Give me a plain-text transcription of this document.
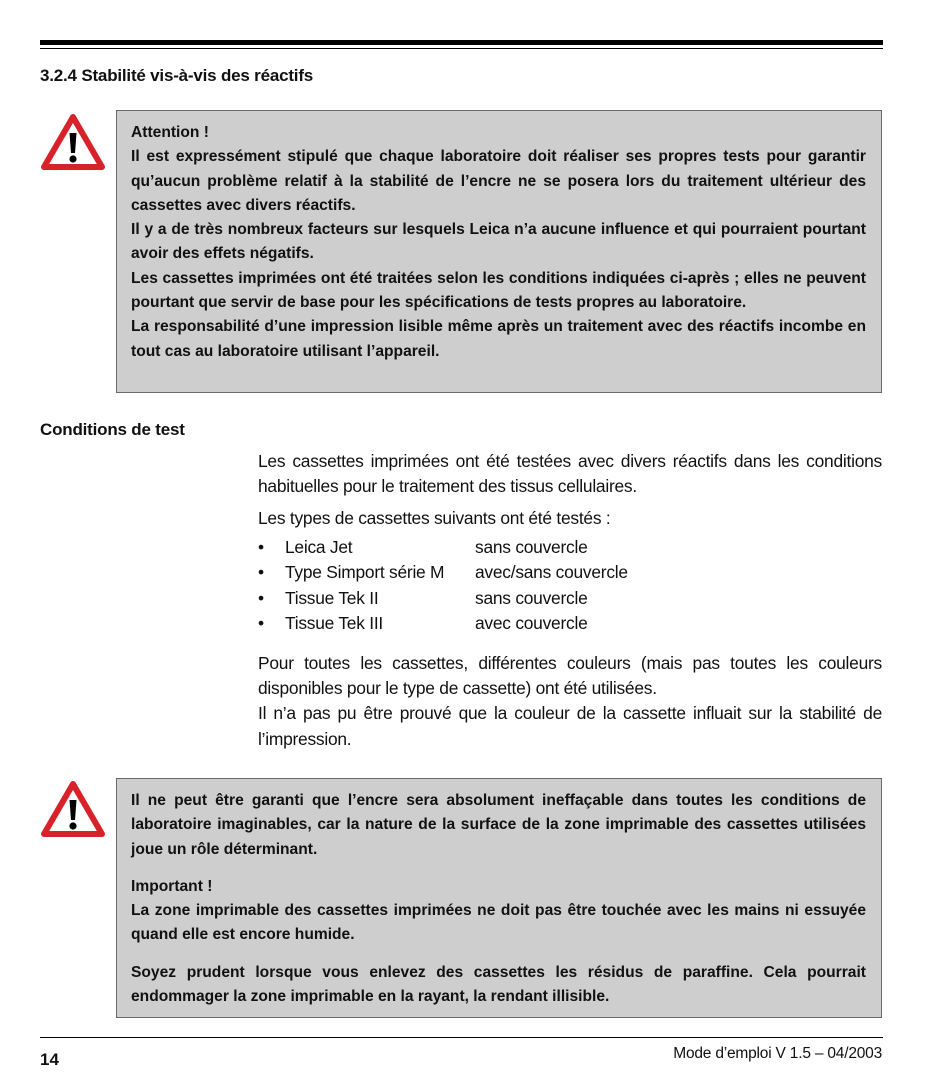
3.2.4 Stabilité vis-à-vis des réactifs

Attention !

Il est expressément stipulé que chaque laboratoire doit réaliser ses propres tests pour garantir qu’aucun problème relatif à la stabilité de l’encre ne se posera lors du traitement ultérieur des cassettes avec divers réactifs.

Il y a de très nombreux facteurs sur lesquels Leica n’a aucune influence et qui pourraient pourtant avoir des effets négatifs.

Les cassettes imprimées ont été traitées selon les conditions indiquées ci-après ; elles ne peuvent pourtant que servir de base pour les spécifications de tests propres au laboratoire.

La responsabilité d’une impression lisible même après un traitement avec des réactifs incombe en tout cas au laboratoire utilisant l’appareil.

Conditions de test

Les cassettes imprimées ont été testées avec divers réactifs dans les conditions habituelles pour le traitement des tissus cellulaires.

Les types de cassettes suivants ont été testés :

• Leica Jet	sans couvercle
• Type Simport série M avec/sans couvercle
• Tissue Tek II	sans couvercle
• Tissue Tek III	avec couvercle

Pour toutes les cassettes, différentes couleurs (mais pas toutes les couleurs disponibles pour le type de cassette) ont été utilisées.

Il n’a pas pu être prouvé que la couleur de la cassette influait sur la stabilité de l’impression.

Il ne peut être garanti que l’encre sera absolument ineffaçable dans toutes les conditions de laboratoire imaginables, car la nature de la surface de la zone imprimable des cassettes utilisées joue un rôle déterminant.

Important !

La zone imprimable des cassettes imprimées ne doit pas être touchée avec les mains ni essuyée quand elle est encore humide.

Soyez prudent lorsque vous enlevez des cassettes les résidus de paraffine. Cela pourrait endommager la zone imprimable en la rayant, la rendant illisible.

14	Mode d’emploi V 1.5 – 04/2003
